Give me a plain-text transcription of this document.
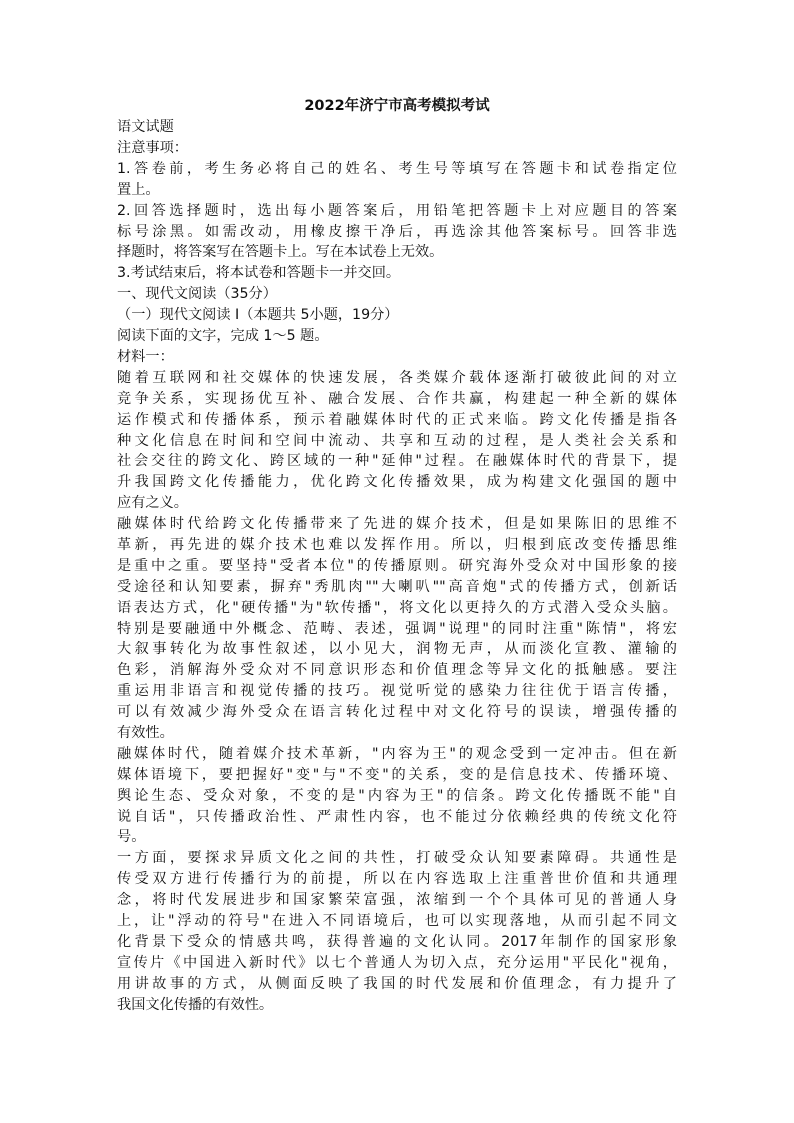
2022年济宁市高考模拟考试
语文试题
注意事项：
1.答卷前，考生务必将自己的姓名、考生号等填写在答题卡和试卷指定位
置上。
2.回答选择题时，选出每小题答案后，用铅笔把答题卡上对应题目的答案
标号涂黑。如需改动，用橡皮擦干净后，再选涂其他答案标号。回答非选
择题时，将答案写在答题卡上。写在本试卷上无效。
3.考试结束后，将本试卷和答题卡一并交回。
一、现代文阅读（35分）
（一）现代文阅读 I（本题共 5小题，19分）
阅读下面的文字，完成 1～5 题。
材料一：
随着互联网和社交媒体的快速发展，各类媒介载体逐渐打破彼此间的对立
竞争关系，实现扬优互补、融合发展、合作共赢，构建起一种全新的媒体
运作模式和传播体系，预示着融媒体时代的正式来临。跨文化传播是指各
种文化信息在时间和空间中流动、共享和互动的过程，是人类社会关系和
社会交往的跨文化、跨区域的一种"延伸"过程。在融媒体时代的背景下，提
升我国跨文化传播能力，优化跨文化传播效果，成为构建文化强国的题中
应有之义。
融媒体时代给跨文化传播带来了先进的媒介技术，但是如果陈旧的思维不
革新，再先进的媒介技术也难以发挥作用。所以，归根到底改变传播思维
是重中之重。要坚持"受者本位"的传播原则。研究海外受众对中国形象的接
受途径和认知要素，摒弃"秀肌肉""大喇叭""高音炮"式的传播方式，创新话
语表达方式，化"硬传播"为"软传播"，将文化以更持久的方式潜入受众头脑。
特别是要融通中外概念、范畴、表述，强调"说理"的同时注重"陈情"，将宏
大叙事转化为故事性叙述，以小见大，润物无声，从而淡化宣教、灌输的
色彩，消解海外受众对不同意识形态和价值理念等异文化的抵触感。要注
重运用非语言和视觉传播的技巧。视觉听觉的感染力往往优于语言传播，
可以有效减少海外受众在语言转化过程中对文化符号的误读，增强传播的
有效性。
融媒体时代，随着媒介技术革新，"内容为王"的观念受到一定冲击。但在新
媒体语境下，要把握好"变"与"不变"的关系，变的是信息技术、传播环境、
舆论生态、受众对象，不变的是"内容为王"的信条。跨文化传播既不能"自
说自话"，只传播政治性、严肃性内容，也不能过分依赖经典的传统文化符
号。
一方面，要探求异质文化之间的共性，打破受众认知要素障碍。共通性是
传受双方进行传播行为的前提，所以在内容选取上注重普世价值和共通理
念，将时代发展进步和国家繁荣富强，浓缩到一个个具体可见的普通人身
上，让"浮动的符号"在进入不同语境后，也可以实现落地，从而引起不同文
化背景下受众的情感共鸣，获得普遍的文化认同。2017年制作的国家形象
宣传片《中国进入新时代》以七个普通人为切入点，充分运用"平民化"视角，
用讲故事的方式，从侧面反映了我国的时代发展和价值理念，有力提升了
我国文化传播的有效性。
